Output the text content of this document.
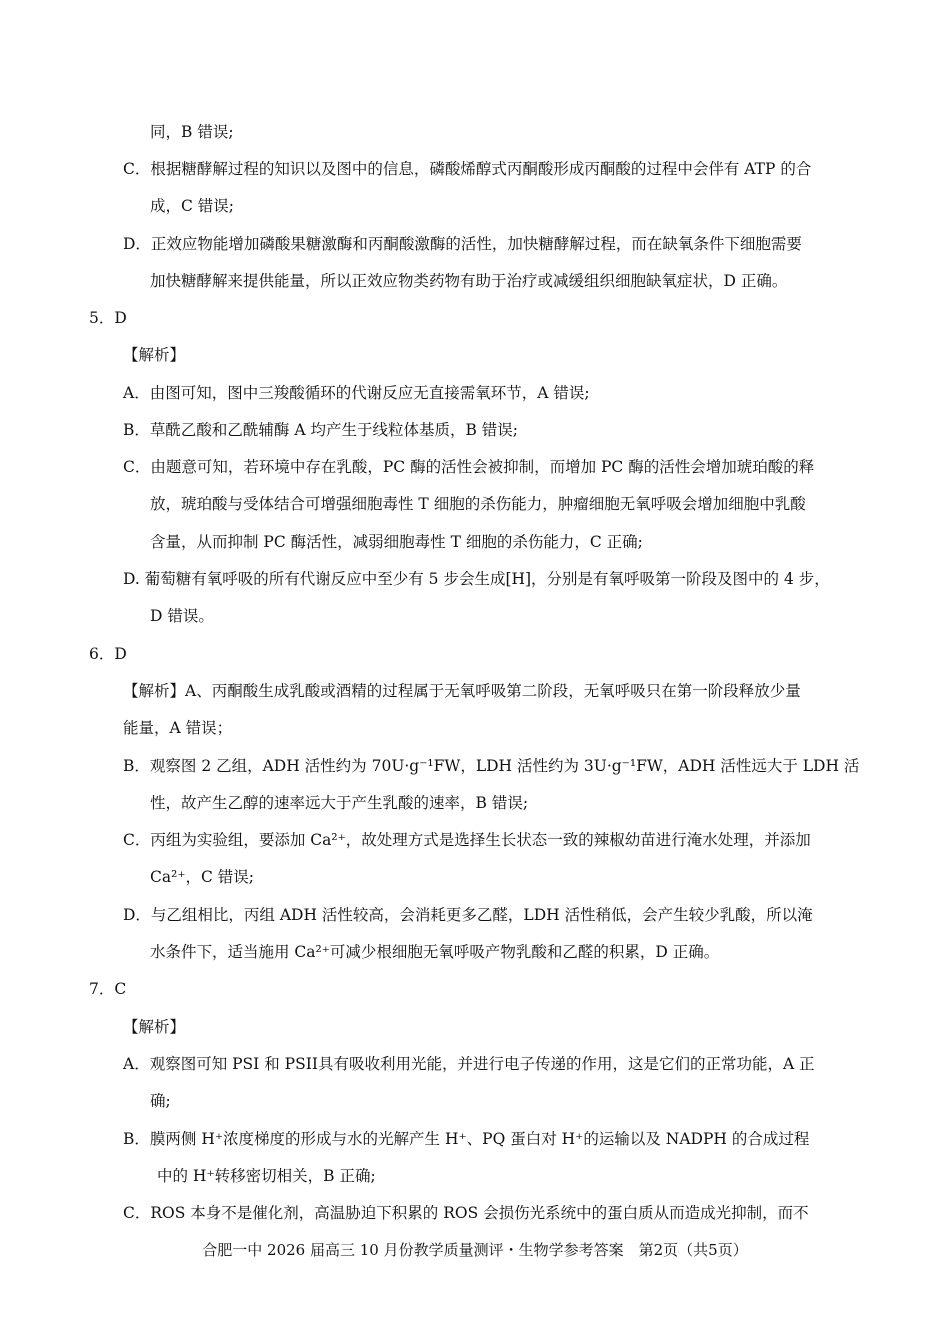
同，B 错误;
C．根据糖酵解过程的知识以及图中的信息，磷酸烯醇式丙酮酸形成丙酮酸的过程中会伴有 ATP 的合
成，C 错误;
D．正效应物能增加磷酸果糖激酶和丙酮酸激酶的活性，加快糖酵解过程，而在缺氧条件下细胞需要
加快糖酵解来提供能量，所以正效应物类药物有助于治疗或减缓组织细胞缺氧症状，D 正确。
5．D
【解析】
A．由图可知，图中三羧酸循环的代谢反应无直接需氧环节，A 错误;
B．草酰乙酸和乙酰辅酶 A 均产生于线粒体基质，B 错误;
C．由题意可知，若环境中存在乳酸，PC 酶的活性会被抑制，而增加 PC 酶的活性会增加琥珀酸的释
放，琥珀酸与受体结合可增强细胞毒性 T 细胞的杀伤能力，肿瘤细胞无氧呼吸会增加细胞中乳酸
含量，从而抑制 PC 酶活性，减弱细胞毒性 T 细胞的杀伤能力，C 正确;
D. 葡萄糖有氧呼吸的所有代谢反应中至少有 5 步会生成[H]，分别是有氧呼吸第一阶段及图中的 4 步，
D 错误。
6．D
【解析】A、丙酮酸生成乳酸或酒精的过程属于无氧呼吸第二阶段，无氧呼吸只在第一阶段释放少量
能量，A 错误；
B．观察图 2 乙组，ADH 活性约为 70U·g⁻¹FW，LDH 活性约为 3U·g⁻¹FW，ADH 活性远大于 LDH 活
性，故产生乙醇的速率远大于产生乳酸的速率，B 错误;
C．丙组为实验组，要添加 Ca²⁺，故处理方式是选择生长状态一致的辣椒幼苗进行淹水处理，并添加
Ca²⁺，C 错误;
D．与乙组相比，丙组 ADH 活性较高，会消耗更多乙醛，LDH 活性稍低，会产生较少乳酸，所以淹
水条件下，适当施用 Ca²⁺可减少根细胞无氧呼吸产物乳酸和乙醛的积累，D 正确。
7．C
【解析】
A．观察图可知 PSI 和 PSII具有吸收利用光能，并进行电子传递的作用，这是它们的正常功能，A 正
确;
B．膜两侧 H⁺浓度梯度的形成与水的光解产生 H⁺、PQ 蛋白对 H⁺的运输以及 NADPH 的合成过程
中的 H⁺转移密切相关，B 正确;
C．ROS 本身不是催化剂，高温胁迫下积累的 ROS 会损伤光系统中的蛋白质从而造成光抑制，而不
合肥一中 2026 届高三 10 月份教学质量测评・生物学参考答案　第2页（共5页）
